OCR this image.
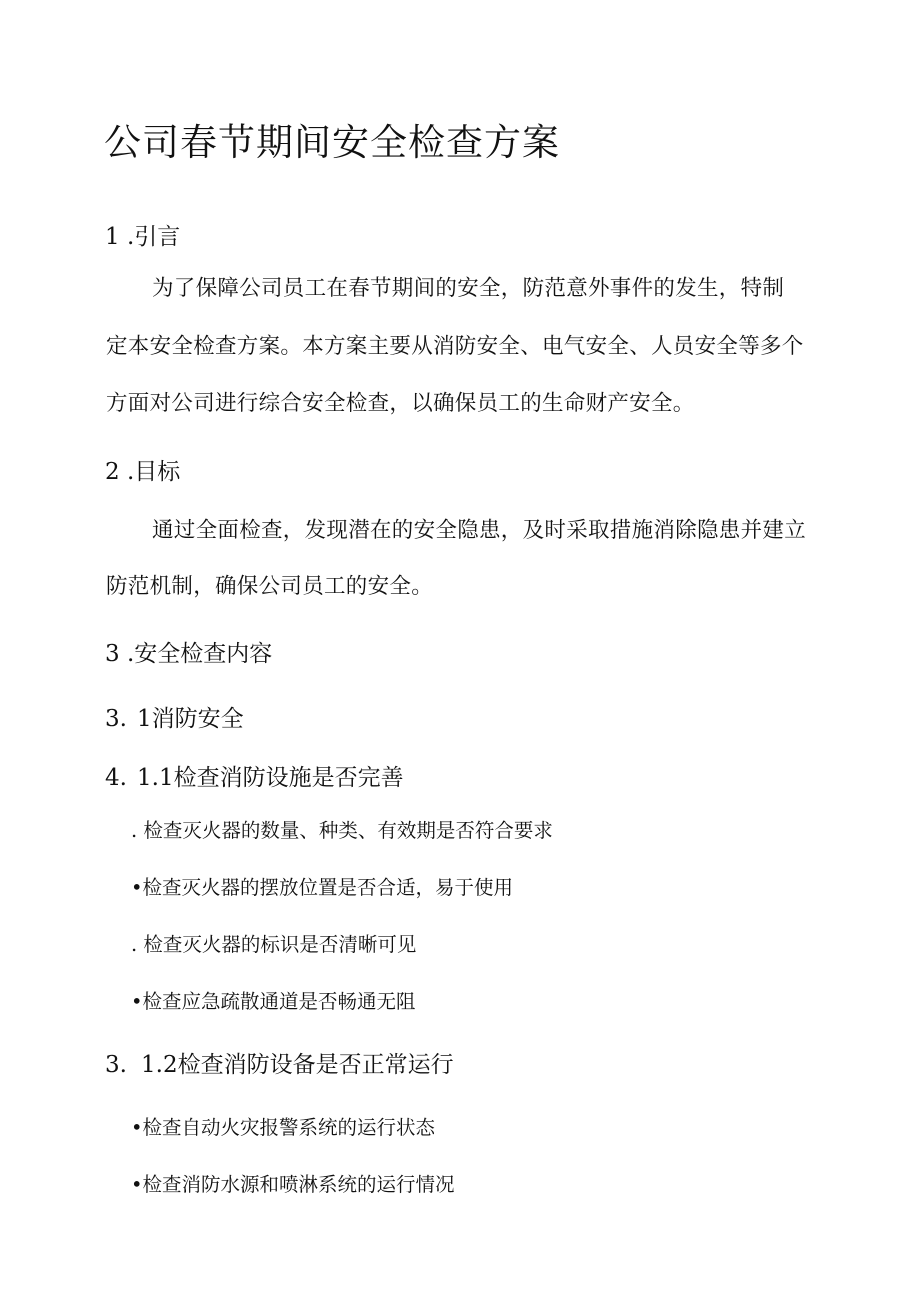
公司春节期间安全检查方案
1 .引言
为了保障公司员工在春节期间的安全，防范意外事件的发生，特制
定本安全检查方案。本方案主要从消防安全、电气安全、人员安全等多个
方面对公司进行综合安全检查，以确保员工的生命财产安全。
2 .目标
通过全面检查，发现潜在的安全隐患，及时采取措施消除隐患并建立
防范机制，确保公司员工的安全。
3 .安全检查内容
3. 1消防安全
4. 1.1检查消防设施是否完善
. 检查灭火器的数量、种类、有效期是否符合要求
•检查灭火器的摆放位置是否合适，易于使用
. 检查灭火器的标识是否清晰可见
•检查应急疏散通道是否畅通无阻
3. 1.2检查消防设备是否正常运行
•检查自动火灾报警系统的运行状态
•检查消防水源和喷淋系统的运行情况
